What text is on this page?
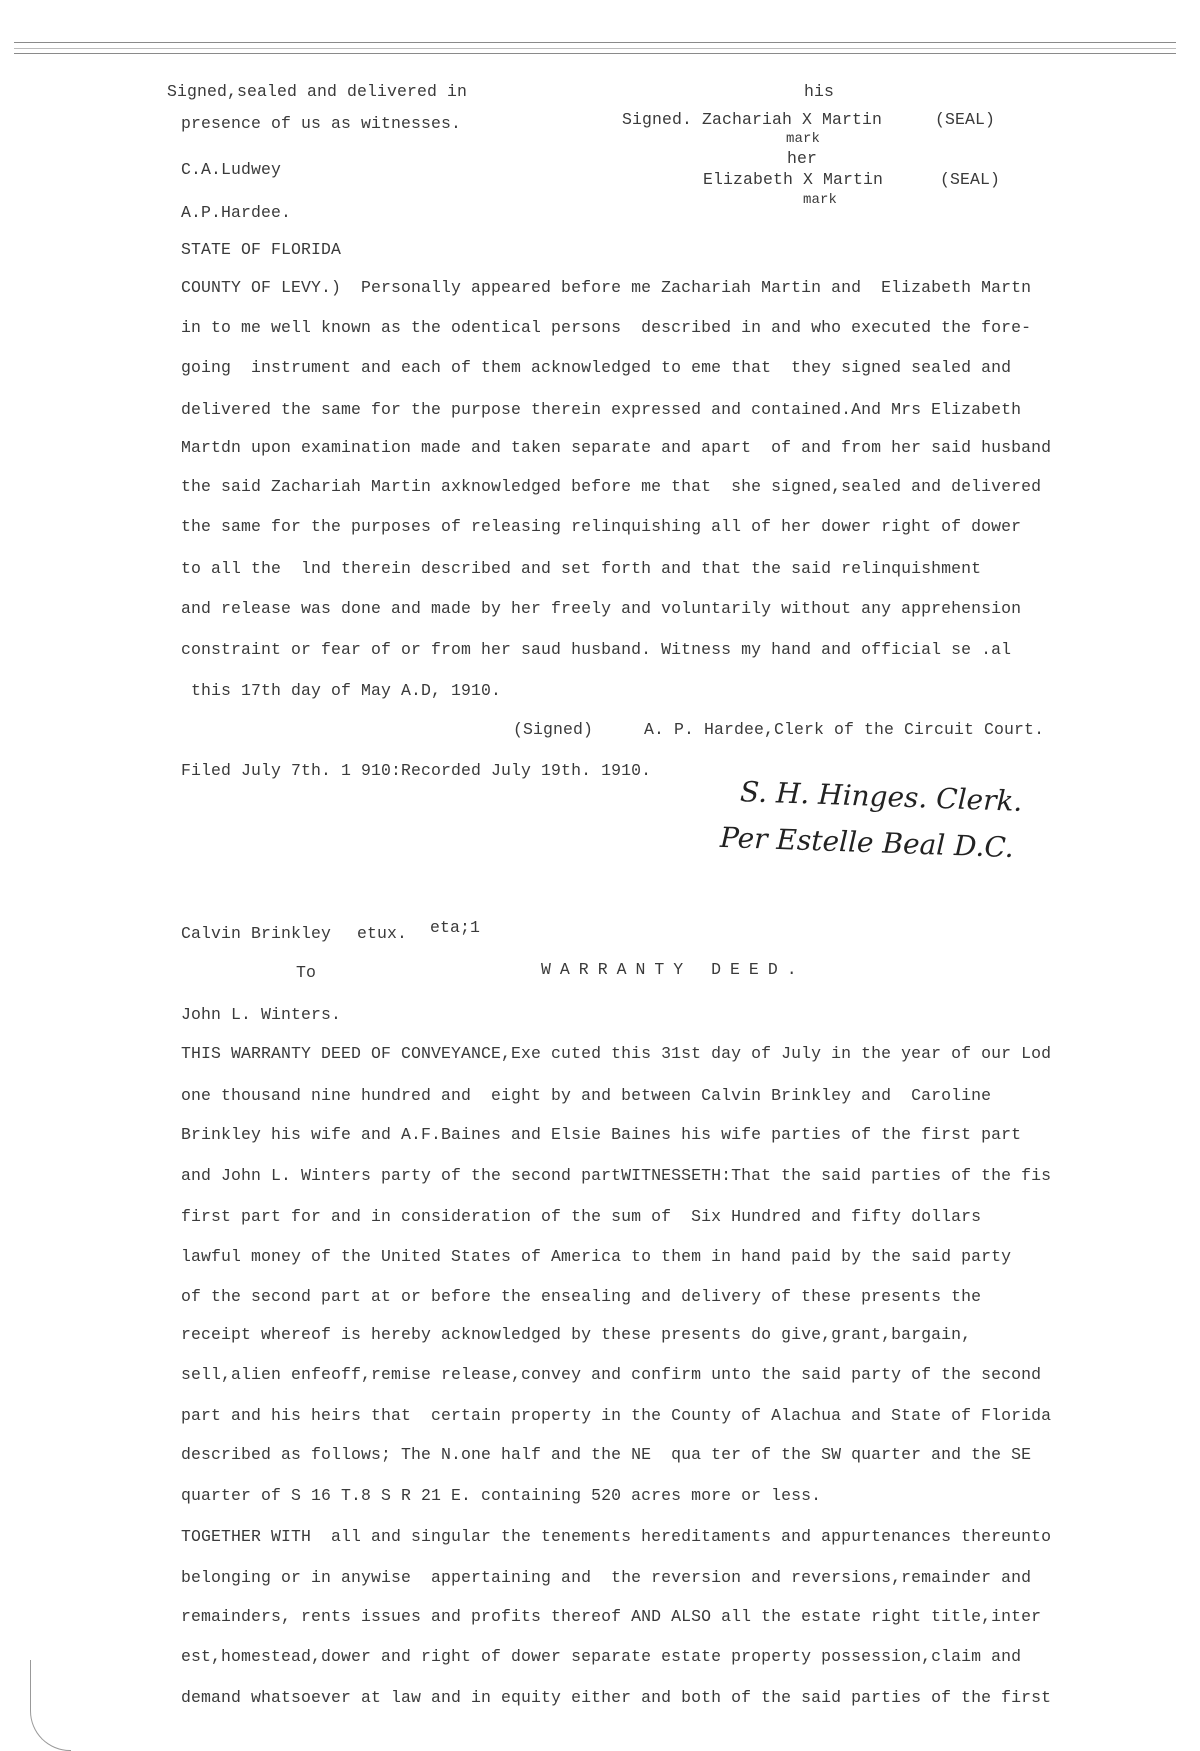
Signed,sealed and delivered in	his
presence of us as witnesses.	Signed. Zachariah X Martin
mark
(SEAL)
her
C.A.Ludwey
Elizabeth X Martin	(SEAL)
mark
A.P.Hardee.
STATE OF FLORIDA
COUNTY OF LEVY.)  Personally appeared before me Zachariah Martin and  Elizabeth Martn
in to me well known as the odentical persons  described in and who executed the fore-
going  instrument and each of them acknowledged to eme that  they signed sealed and
delivered the same for the purpose therein expressed and contained.And Mrs Elizabeth
Martdn upon examination made and taken separate and apart  of and from her said husband
the said Zachariah Martin axknowledged before me that  she signed,sealed and delivered
the same for the purposes of releasing relinquishing all of her dower right of dower
to all the  lnd therein described and set forth and that the said relinquishment
and release was done and made by her freely and voluntarily without any apprehension
constraint or fear of or from her saud husband. Witness my hand and official se .al
this 17th day of May A.D, 1910.
(Signed)	A. P. Hardee,Clerk of the Circuit Court.
Filed July 7th. 1 910:Recorded July 19th. 1910.
S. H. Hinges. Clerk.
Per Estelle Beal D.C.
Calvin Brinkley etux. eta;1
To	WARRANTY DEED.
John L. Winters.
THIS WARRANTY DEED OF CONVEYANCE,Exe cuted this 31st day of July in the year of our Lod
one thousand nine hundred and  eight by and between Calvin Brinkley and  Caroline
Brinkley his wife and A.F.Baines and Elsie Baines his wife parties of the first part
and John L. Winters party of the second partWITNESSETH:That the said parties of the fis
first part for and in consideration of the sum of  Six Hundred and fifty dollars
lawful money of the United States of America to them in hand paid by the said party
of the second part at or before the ensealing and delivery of these presents the
receipt whereof is hereby acknowledged by these presents do give,grant,bargain,
sell,alien enfeoff,remise release,convey and confirm unto the said party of the second
part and his heirs that  certain property in the County of Alachua and State of Florida
described as follows; The N.one half and the NE  qua ter of the SW quarter and the SE
quarter of S 16 T.8 S R 21 E. containing 520 acres more or less.
TOGETHER WITH  all and singular the tenements hereditaments and appurtenances thereunto
belonging or in anywise  appertaining and  the reversion and reversions,remainder and
remainders, rents issues and profits thereof AND ALSO all the estate right title,inter
est,homestead,dower and right of dower separate estate property possession,claim and
demand whatsoever at law and in equity either and both of the said parties of the first
